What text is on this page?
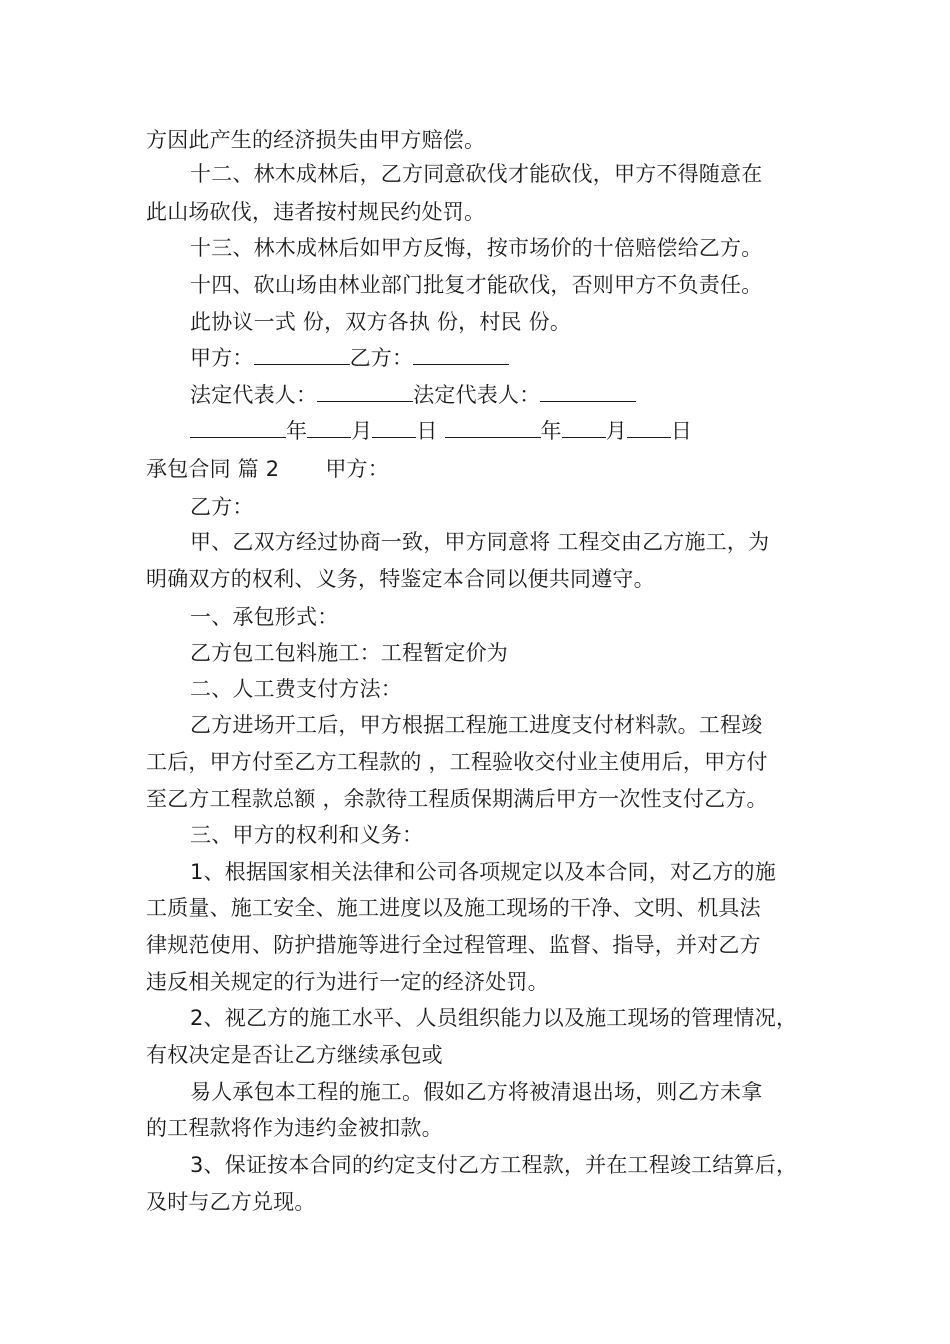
方因此产生的经济损失由甲方赔偿。
十二、林木成林后，乙方同意砍伐才能砍伐，甲方不得随意在
此山场砍伐，违者按村规民约处罚。
十三、林木成林后如甲方反悔，按市场价的十倍赔偿给乙方。
十四、砍山场由林业部门批复才能砍伐，否则甲方不负责任。
此协议一式 份，双方各执 份，村民 份。
甲方：	乙方：
法定代表人：	法定代表人：
年 月 日	年 月 日
承包合同 篇 2 甲方：
乙方：
甲、乙双方经过协商一致，甲方同意将 工程交由乙方施工，为
明确双方的权利、义务，特鉴定本合同以便共同遵守。
一、承包形式：
乙方包工包料施工：工程暂定价为
二、人工费支付方法：
乙方进场开工后，甲方根据工程施工进度支付材料款。工程竣
工后，甲方付至乙方工程款的 ，工程验收交付业主使用后，甲方付
至乙方工程款总额 ，余款待工程质保期满后甲方一次性支付乙方。
三、甲方的权利和义务：
1、根据国家相关法律和公司各项规定以及本合同，对乙方的施
工质量、施工安全、施工进度以及施工现场的干净、文明、机具法
律规范使用、防护措施等进行全过程管理、监督、指导，并对乙方
违反相关规定的行为进行一定的经济处罚。
2、视乙方的施工水平、人员组织能力以及施工现场的管理情况，
有权决定是否让乙方继续承包或
易人承包本工程的施工。假如乙方将被清退出场，则乙方未拿
的工程款将作为违约金被扣款。
3、保证按本合同的约定支付乙方工程款，并在工程竣工结算后，
及时与乙方兑现。
